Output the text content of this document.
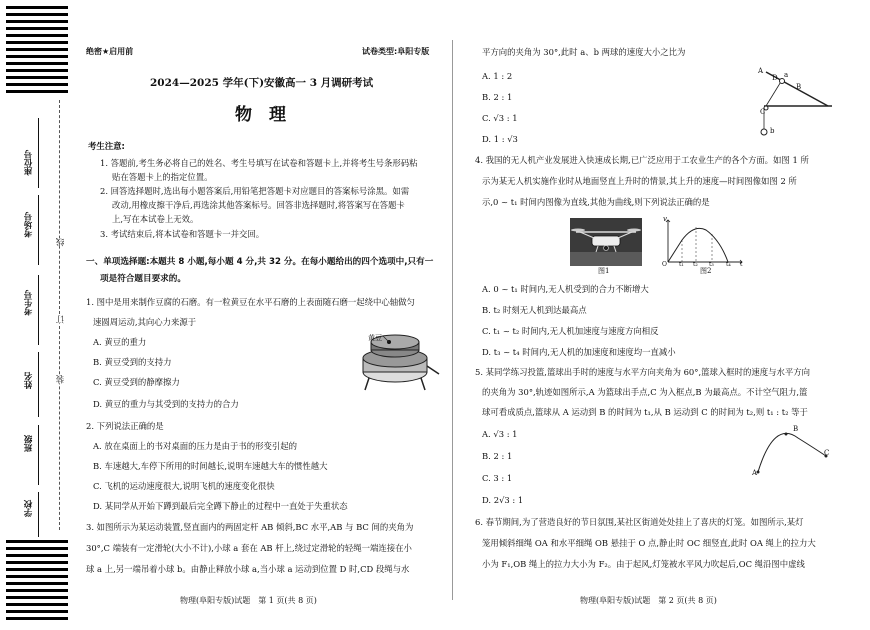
座位号
考场号
考生号
姓名
班级
学校
线
订
装
绝密★启用前	试卷类型:阜阳专版
2024—2025 学年(下)安徽高一 3 月调研考试
物　理
考生注意:
1. 答题前,考生务必将自己的姓名、考生号填写在试卷和答题卡上,并将考生号条形码粘
贴在答题卡上的指定位置。
2. 回答选择题时,选出每小题答案后,用铅笔把答题卡对应题目的答案标号涂黑。如需
改动,用橡皮擦干净后,再选涂其他答案标号。回答非选择题时,将答案写在答题卡
上,写在本试卷上无效。
3. 考试结束后,将本试卷和答题卡一并交回。
一、单项选择题:本题共 8 小题,每小题 4 分,共 32 分。在每小题给出的四个选项中,只有一
项是符合题目要求的。
1. 图中是用来制作豆腐的石磨。有一粒黄豆在水平石磨的上表面随石磨一起绕中心轴做匀
速圆周运动,其向心力来源于
A. 黄豆的重力
B. 黄豆受到的支持力
C. 黄豆受到的静摩擦力
D. 黄豆的重力与其受到的支持力的合力
黄豆
2. 下列说法正确的是
A. 放在桌面上的书对桌面的压力是由于书的形变引起的
B. 车速越大,车停下所用的时间越长,说明车速越大车的惯性越大
C. 飞机的运动速度很大,说明飞机的速度变化很快
D. 某同学从开始下蹲到最后完全蹲下静止的过程中一直处于失重状态
3. 如图所示为某运动装置,竖直面内的两固定杆 AB 倾斜,BC 水平,AB 与 BC 间的夹角为
30°,C 端装有一定滑轮(大小不计),小球 a 套在 AB 杆上,绕过定滑轮的轻绳一端连接在小
球 a 上,另一端吊着小球 b。由静止释放小球 a,当小球 a 运动到位置 D 时,CD 段绳与水
物理(阜阳专版)试题　第 1 页(共 8 页)
平方向的夹角为 30°,此时 a、b 两球的速度大小之比为
A. 1 : 2
B. 2 : 1
C. √3 : 1
D. 1 : √3
A
D a
B
C
b
4. 我国的无人机产业发展进入快速成长期,已广泛应用于工农业生产的各个方面。如图 1 所
示为某无人机实施作业时从地面竖直上升时的情景,其上升的速度—时间图像如图 2 所
示,0 ~ t₁ 时间内图像为直线,其他为曲线,则下列说法正确的是
图1
v
O t₁ t₂ t₃ t₄ t
图2
A. 0 ~ t₁ 时间内,无人机受到的合力不断增大
B. t₂ 时刻无人机到达最高点
C. t₁ ~ t₂ 时间内,无人机加速度与速度方向相反
D. t₃ ~ t₄ 时间内,无人机的加速度和速度均一直减小
5. 某同学练习投篮,篮球出手时的速度与水平方向夹角为 60°,篮球入框时的速度与水平方向
的夹角为 30°,轨迹如图所示,A 为篮球出手点,C 为入框点,B 为最高点。不计空气阻力,篮
球可看成质点,篮球从 A 运动到 B 的时间为 t₁,从 B 运动到 C 的时间为 t₂,则 t₁ : t₂ 等于
A. √3 : 1
B. 2 : 1
C. 3 : 1
D. 2√3 : 1
A
B
C
6. 春节期间,为了营造良好的节日氛围,某社区街道处处挂上了喜庆的灯笼。如图所示,某灯
笼用倾斜细绳 OA 和水平细绳 OB 悬挂于 O 点,静止时 OC 细竖直,此时 OA 绳上的拉力大
小为 F₁,OB 绳上的拉力大小为 F₂。由于起风,灯笼被水平风力吹起后,OC 绳沿图中虚线
物理(阜阳专版)试题　第 2 页(共 8 页)
